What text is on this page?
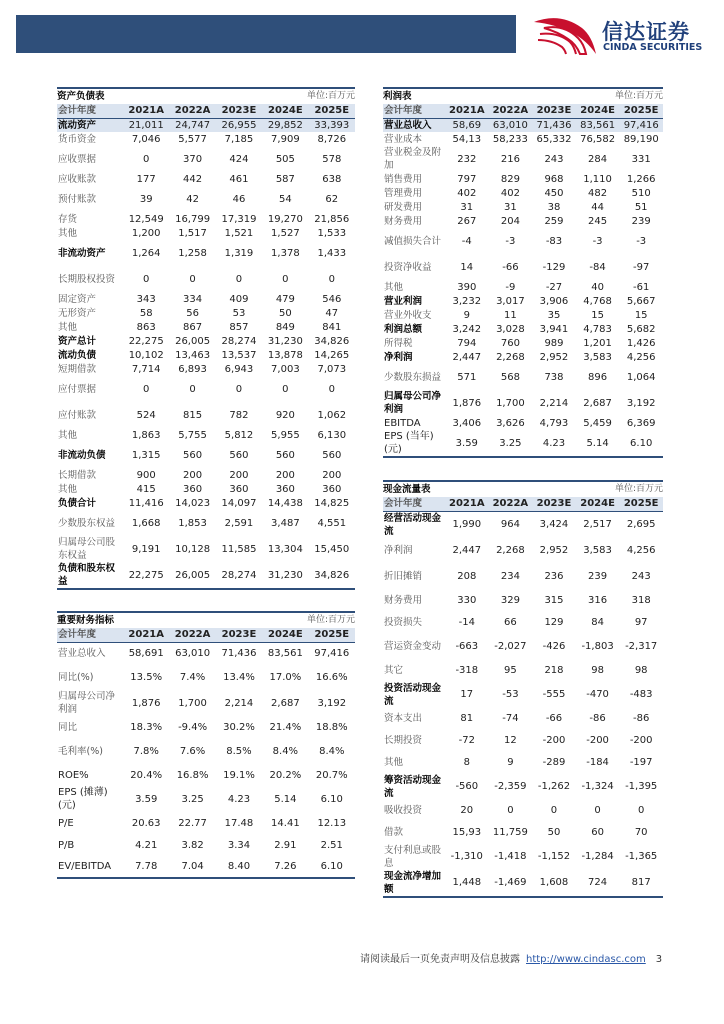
信达证券
CINDA SECURITIES
资产负债表			单位:百万元		
会计年度	2021A	2022A	2023E	2024E	2025E
流动资产	21,011	24,747	26,955	29,852	33,393
货币资金	7,046	5,577	7,185	7,909	8,726
应收票据	0	370	424	505	578
应收账款	177	442	461	587	638
预付账款	39	42	46	54	62
存货	12,549	16,799	17,319	19,270	21,856
其他	1,200	1,517	1,521	1,527	1,533
非流动资产	1,264	1,258	1,319	1,378	1,433
长期股权投资	0	0	0	0	0
固定资产	343	334	409	479	546
无形资产	58	56	53	50	47
其他	863	867	857	849	841
资产总计	22,275	26,005	28,274	31,230	34,826
流动负债	10,102	13,463	13,537	13,878	14,265
短期借款	7,714	6,893	6,943	7,003	7,073
应付票据	0	0	0	0	0
应付账款	524	815	782	920	1,062
其他	1,863	5,755	5,812	5,955	6,130
非流动负债	1,315	560	560	560	560
长期借款	900	200	200	200	200
其他	415	360	360	360	360
负债合计	11,416	14,023	14,097	14,438	14,825
少数股东权益	1,668	1,853	2,591	3,487	4,551
归属母公司股东权益	9,191	10,128	11,585	13,304	15,450
负债和股东权益	22,275	26,005	28,274	31,230	34,826
利润表			单位:百万元		
会计年度	2021A	2022A	2023E	2024E	2025E
营业总收入	58,69	63,010	71,436	83,561	97,416
营业成本	54,13	58,233	65,332	76,582	89,190
营业税金及附加	232	216	243	284	331
销售费用	797	829	968	1,110	1,266
管理费用	402	402	450	482	510
研发费用	31	31	38	44	51
财务费用	267	204	259	245	239
减值损失合计	-4	-3	-83	-3	-3
投资净收益	14	-66	-129	-84	-97
其他	390	-9	-27	40	-61
营业利润	3,232	3,017	3,906	4,768	5,667
营业外收支	9	11	35	15	15
利润总额	3,242	3,028	3,941	4,783	5,682
所得税	794	760	989	1,201	1,426
净利润	2,447	2,268	2,952	3,583	4,256
少数股东损益	571	568	738	896	1,064
归属母公司净利润	1,876	1,700	2,214	2,687	3,192
EBITDA	3,406	3,626	4,793	5,459	6,369
EPS (当年)(元)	3.59	3.25	4.23	5.14	6.10
现金流量表			单位:百万元		
会计年度	2021A	2022A	2023E	2024E	2025E
经营活动现金流	1,990	964	3,424	2,517	2,695
净利润	2,447	2,268	2,952	3,583	4,256
折旧摊销	208	234	236	239	243
财务费用	330	329	315	316	318
投资损失	-14	66	129	84	97
营运资金变动	-663	-2,027	-426	-1,803	-2,317
其它	-318	95	218	98	98
投资活动现金流	17	-53	-555	-470	-483
资本支出	81	-74	-66	-86	-86
长期投资	-72	12	-200	-200	-200
其他	8	9	-289	-184	-197
筹资活动现金流	-560	-2,359	-1,262	-1,324	-1,395
吸收投资	20	0	0	0	0
借款	15,93	11,759	50	60	70
支付利息或股息	-1,310	-1,418	-1,152	-1,284	-1,365
现金流净增加额	1,448	-1,469	1,608	724	817
重要财务指标			单位:百万元		
会计年度	2021A	2022A	2023E	2024E	2025E
营业总收入	58,691	63,010	71,436	83,561	97,416
同比(%)	13.5%	7.4%	13.4%	17.0%	16.6%
归属母公司净利润	1,876	1,700	2,214	2,687	3,192
同比	18.3%	-9.4%	30.2%	21.4%	18.8%
毛利率(%)	7.8%	7.6%	8.5%	8.4%	8.4%
ROE%	20.4%	16.8%	19.1%	20.2%	20.7%
EPS (摊薄)(元)	3.59	3.25	4.23	5.14	6.10
P/E	20.63	22.77	17.48	14.41	12.13
P/B	4.21	3.82	3.34	2.91	2.51
EV/EBITDA	7.78	7.04	8.40	7.26	6.10
请阅读最后一页免责声明及信息披露 http://www.cindasc.com 3
